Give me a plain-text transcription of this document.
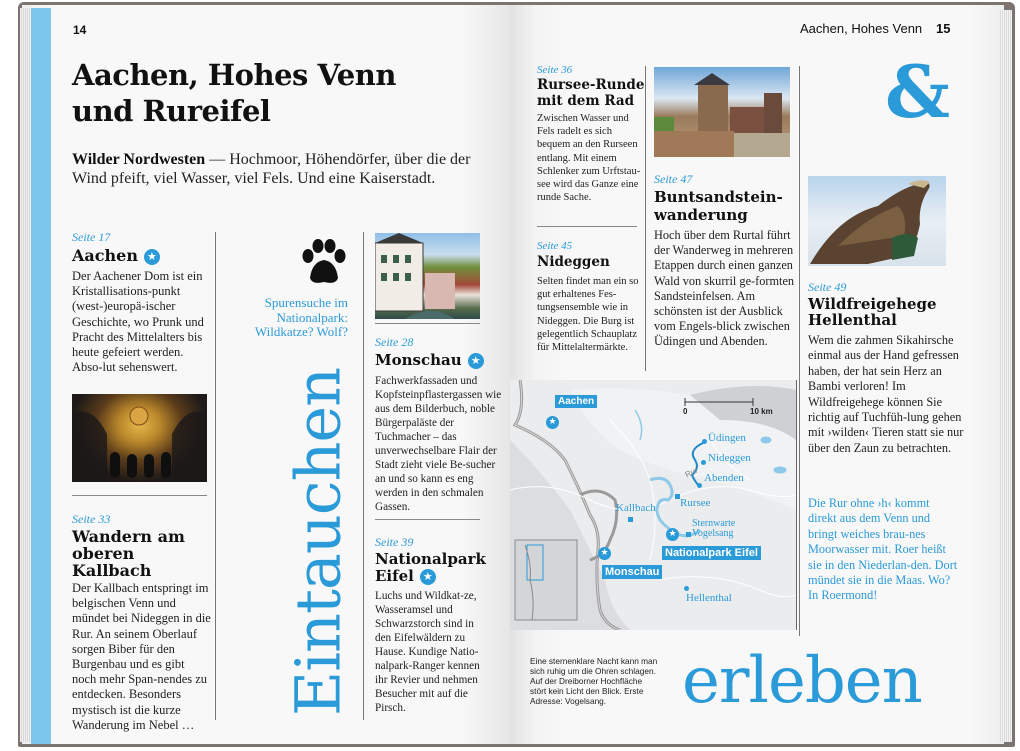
14
Aachen, Hohes Venn
und Rureifel
Wilder Nordwesten — Hochmoor, Höhendörfer, über die der Wind pfeift, viel Wasser, viel Fels. Und eine Kaiserstadt.
Seite 17
Aachen ★
Der Aachener Dom ist ein Kristallisations-punkt (west-)europä-ischer Geschichte, wo Prunk und Pracht des Mittelalters bis heute gefeiert werden. Abso-lut sehenswert.
Seite 33
Wandern am oberen Kallbach
Der Kallbach entspringt im belgischen Venn und mündet bei Nideggen in die Rur. An seinem Oberlauf sorgen Biber für den Burgenbau und es gibt noch mehr Span-nendes zu entdecken. Besonders mystisch ist die kurze Wanderung im Nebel …
Spurensuche im Nationalpark: Wildkatze? Wolf?
Eintauchen
Seite 28
Monschau ★
Fachwerkfassaden und Kopfsteinpflastergassen wie aus dem Bilderbuch, noble Bürgerpaläste der Tuchmacher – das unverwechselbare Flair der Stadt zieht viele Be-sucher an und so kann es eng werden in den schmalen Gassen.
Seite 39
Nationalpark Eifel ★
Luchs und Wildkat-ze, Wasseramsel und Schwarzstorch sind in den Eifelwäldern zu Hause. Kundige Natio-nalpark-Ranger kennen ihr Revier und nehmen Besucher mit auf die Pirsch.
Aachen, Hohes Venn 15
Seite 36
Rursee-Runde mit dem Rad
Zwischen Wasser und Fels radelt es sich bequem an den Rurseen entlang. Mit einem Schlenker zum Urftstau-see wird das Ganze eine runde Sache.
Seite 45
Nideggen
Selten findet man ein so gut erhaltenes Fes-tungsensemble wie in Nideggen. Die Burg ist gelegentlich Schauplatz für Mittelaltermärkte.
Seite 47
Buntsandstein-wanderung
Hoch über dem Rurtal führt der Wanderweg in mehreren Etappen durch einen ganzen Wald von skurril ge-formten Sandsteinfelsen. Am schönsten ist der Ausblick vom Engels-blick zwischen Üdingen und Abenden.
&
Seite 49
Wildfreigehege Hellenthal
Wem die zahmen Sikahirsche einmal aus der Hand gefressen haben, der hat sein Herz an Bambi verloren! Im Wildfreigehege können Sie richtig auf Tuchfüh-lung gehen mit ›wilden‹ Tieren statt sie nur über den Zaun zu betrachten.
Die Rur ohne ›h‹ kommt direkt aus dem Venn und bringt weiches brau-nes Moorwasser mit. Roer heißt sie in den Niederlan-den. Dort mündet sie in die Maas. Wo? In Roermond!
0	10 km
Aachen
★
Üdingen
Nideggen
Rur Abenden
Rursee
Kallbach
Sternwarte
Vogelsang
★
Nationalpark Eifel
★
Monschau
Hellenthal
Eine sternenklare Nacht kann man sich ruhig um die Ohren schlagen. Auf der Dreiborner Hochfläche stört kein Licht den Blick. Erste Adresse: Vogelsang.	erleben
